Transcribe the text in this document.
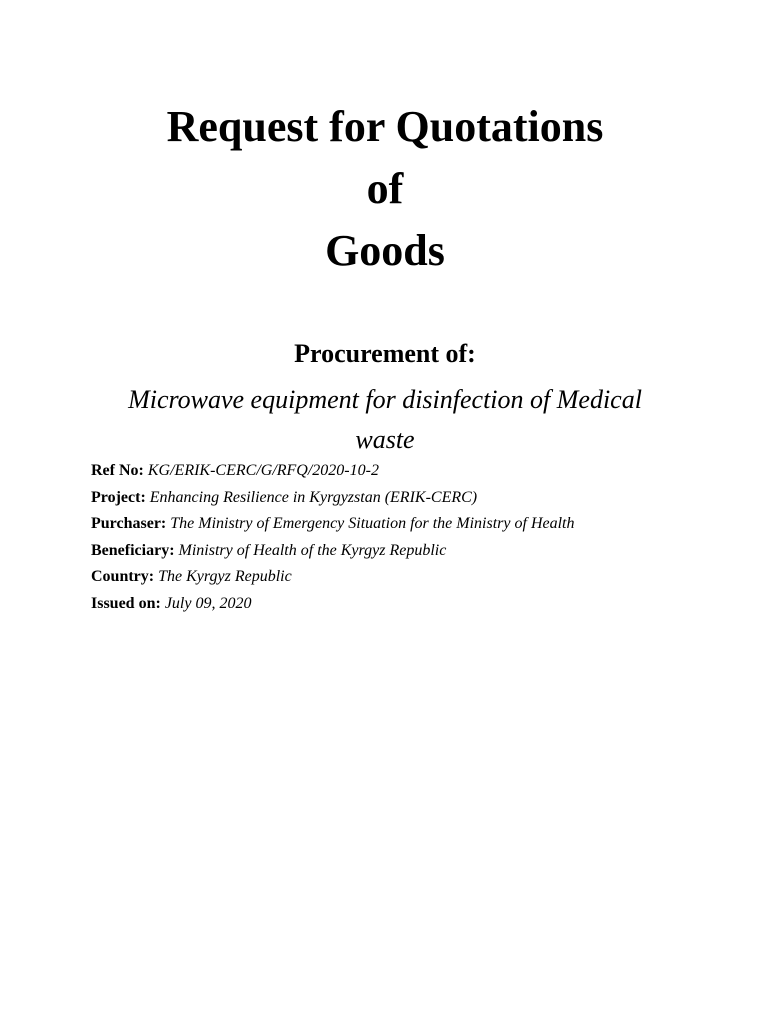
Request for Quotations
of
Goods
Procurement of:
Microwave equipment for disinfection of Medical waste
Ref No: KG/ERIK-CERC/G/RFQ/2020-10-2
Project: Enhancing Resilience in Kyrgyzstan (ERIK-CERC)
Purchaser: The Ministry of Emergency Situation for the Ministry of Health
Beneficiary: Ministry of Health of the Kyrgyz Republic
Country: The Kyrgyz Republic
Issued on: July 09, 2020
